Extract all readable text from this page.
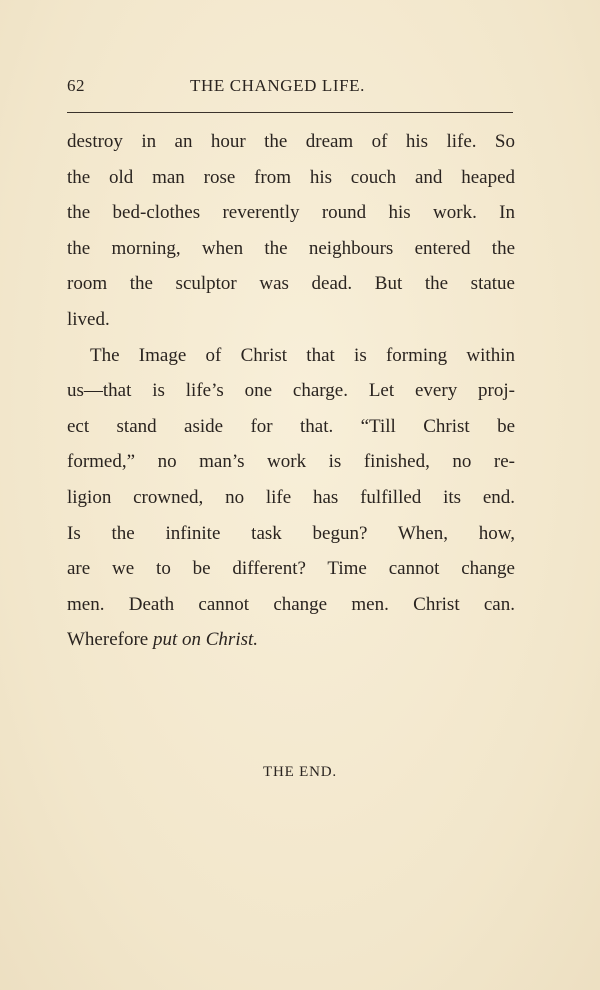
62	THE CHANGED LIFE.
destroy in an hour the dream of his life. So
the old man rose from his couch and heaped
the bed-clothes reverently round his work. In
the morning, when the neighbours entered the
room the sculptor was dead. But the statue
lived.
The Image of Christ that is forming within
us—that is life’s one charge. Let every proj-
ect stand aside for that. “Till Christ be
formed,” no man’s work is finished, no re-
ligion crowned, no life has fulfilled its end.
Is the infinite task begun? When, how,
are we to be different? Time cannot change
men. Death cannot change men. Christ can.
Wherefore put on Christ.
THE END.
